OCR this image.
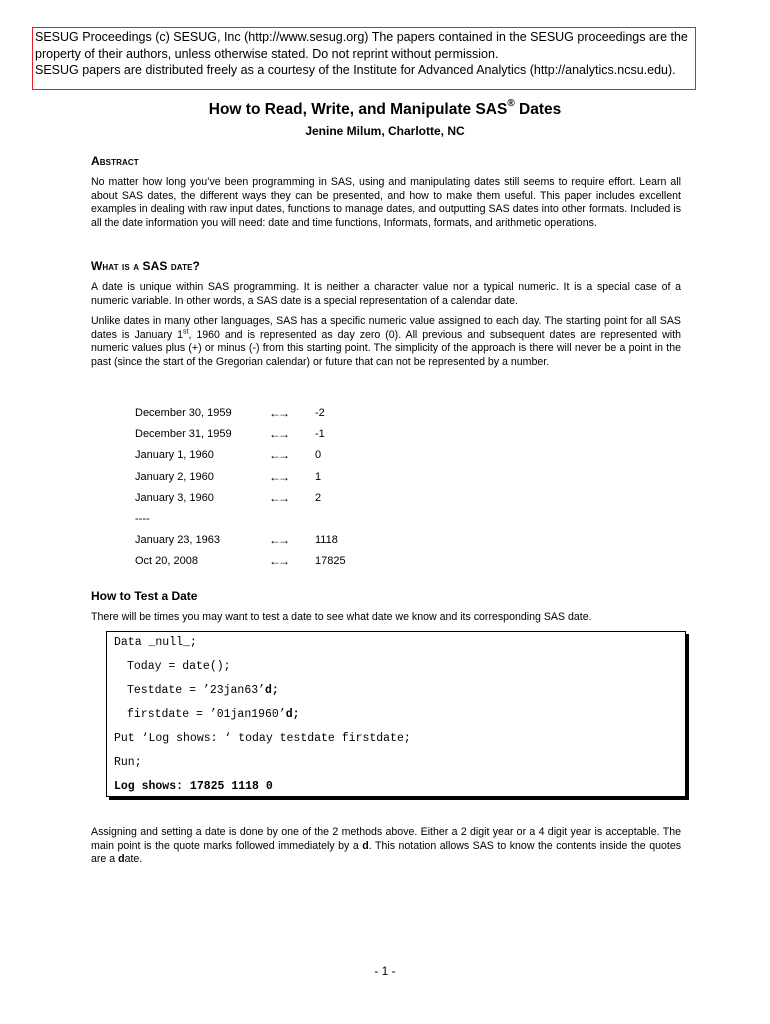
SESUG Proceedings (c) SESUG, Inc (http://www.sesug.org) The papers contained in the SESUG proceedings are the
property of their authors, unless otherwise stated. Do not reprint without permission.
SESUG papers are distributed freely as a courtesy of the Institute for Advanced Analytics (http://analytics.ncsu.edu).
How to Read, Write, and Manipulate SAS® Dates
Jenine Milum, Charlotte, NC
Abstract
No matter how long you’ve been programming in SAS, using and manipulating dates still seems to require effort. Learn all about SAS dates, the different ways they can be presented, and how to make them useful. This paper includes excellent examples in dealing with raw input dates, functions to manage dates, and outputting SAS dates into other formats. Included is all the date information you will need: date and time functions, Informats, formats, and arithmetic operations.
What is a SAS date?
A date is unique within SAS programming. It is neither a character value nor a typical numeric. It is a special case of a numeric variable. In other words, a SAS date is a special representation of a calendar date.
Unlike dates in many other languages, SAS has a specific numeric value assigned to each day. The starting point for all SAS dates is January 1st, 1960 and is represented as day zero (0). All previous and subsequent dates are represented with numeric values plus (+) or minus (-) from this starting point. The simplicity of the approach is there will never be a point in the past (since the start of the Gregorian calendar) or future that can not be represented by a number.
December 30, 1959	←→	-2
December 31, 1959	←→	-1
January 1, 1960	←→	0
January 2, 1960	←→	1
January 3, 1960	←→	2
----
January 23, 1963	←→	1118
Oct 20, 2008	←→	17825
How to Test a Date
There will be times you may want to test a date to see what date we know and its corresponding SAS date.
Data _null_;
Today = date();
Testdate = ’23jan63’d;
firstdate = ’01jan1960’d;
Put ‘Log shows: ‘ today testdate firstdate;
Run;
Log shows: 17825 1118 0
Assigning and setting a date is done by one of the 2 methods above. Either a 2 digit year or a 4 digit year is acceptable. The main point is the quote marks followed immediately by a d. This notation allows SAS to know the contents inside the quotes are a date.
- 1 -
